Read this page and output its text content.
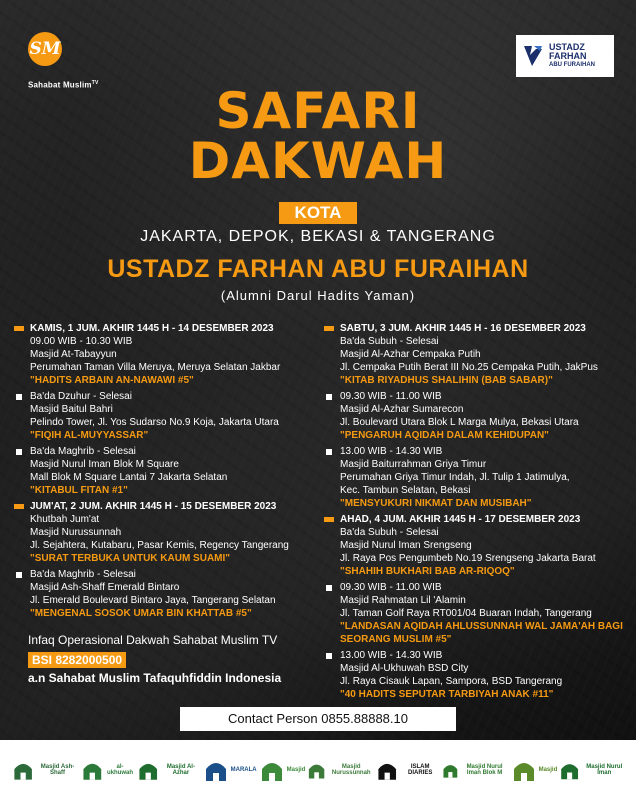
SM
Sahabat Muslim$^{TV}$
USTADZ
FARHAN
ABU FURAIHAN
SAFARI
DAKWAH
KOTA
JAKARTA, DEPOK, BEKASI & TANGERANG
USTADZ FARHAN ABU FURAIHAN
(Alumni Darul Hadits Yaman)
KAMIS, 1 JUM. AKHIR 1445 H - 14 DESEMBER 2023
09.00 WIB - 10.30 WIB
Masjid At-Tabayyun
Perumahan Taman Villa Meruya, Meruya Selatan Jakbar
"HADITS ARBAIN AN-NAWAWI #5"
Ba'da Dzuhur - Selesai
Masjid Baitul Bahri
Pelindo Tower, Jl. Yos Sudarso No.9 Koja, Jakarta Utara
"FIQIH AL-MUYYASSAR"
Ba'da Maghrib - Selesai
Masjid Nurul Iman Blok M Square
Mall Blok M Square Lantai 7 Jakarta Selatan
"KITABUL FITAN #1"
JUM'AT, 2 JUM. AKHIR 1445 H - 15 DESEMBER 2023
Khutbah Jum'at
Masjid Nurussunnah
Jl. Sejahtera, Kutabaru, Pasar Kemis, Regency Tangerang
"SURAT TERBUKA UNTUK KAUM SUAMI"
Ba'da Maghrib - Selesai
Masjid Ash-Shaff Emerald Bintaro
Jl. Emerald Boulevard Bintaro Jaya, Tangerang Selatan
"MENGENAL SOSOK UMAR BIN KHATTAB #5"
SABTU, 3 JUM. AKHIR 1445 H - 16 DESEMBER 2023
Ba'da Subuh - Selesai
Masjid Al-Azhar Cempaka Putih
Jl. Cempaka Putih Berat III No.25 Cempaka Putih, JakPus
"KITAB RIYADHUS SHALIHIN (BAB SABAR)"
09.30 WIB - 11.00 WIB
Masjid Al-Azhar Sumarecon
Jl. Boulevard Utara Blok L Marga Mulya, Bekasi Utara
"PENGARUH AQIDAH DALAM KEHIDUPAN"
13.00 WIB - 14.30 WIB
Masjid Baiturrahman Griya Timur
Perumahan Griya Timur Indah, Jl. Tulip 1 Jatimulya,
Kec. Tambun Selatan, Bekasi
"MENSYUKURI NIKMAT DAN MUSIBAH"
AHAD, 4 JUM. AKHIR 1445 H - 17 DESEMBER 2023
Ba'da Subuh - Selesai
Masjid Nurul Iman Srengseng
Jl. Raya Pos Pengumbeb No.19 Srengseng Jakarta Barat
"SHAHIH BUKHARI BAB AR-RIQOQ"
09.30 WIB - 11.00 WIB
Masjid Rahmatan Lil 'Alamin
Jl. Taman Golf Raya RT001/04 Buaran Indah, Tangerang
"LANDASAN AQIDAH AHLUSSUNNAH WAL JAMA'AH BAGI SEORANG MUSLIM #5"
13.00 WIB - 14.30 WIB
Masjid Al-Ukhuwah BSD City
Jl. Raya Cisauk Lapan, Sampora, BSD Tangerang
"40 HADITS SEPUTAR TARBIYAH ANAK #11"
Infaq Operasional Dakwah Sahabat Muslim TV
BSI 8282000500
a.n Sahabat Muslim Tafaquhfiddin Indonesia
Contact Person 0855.88888.10
Masjid Ash-Shaff
al-ukhuwah
Masjid Al-Azhar	MARALA	Masjid	Masjid Nurussunnah
ISLAM DIARIES
Masjid Nurul Iman Blok M	Masjid	Masjid Nurul Iman
